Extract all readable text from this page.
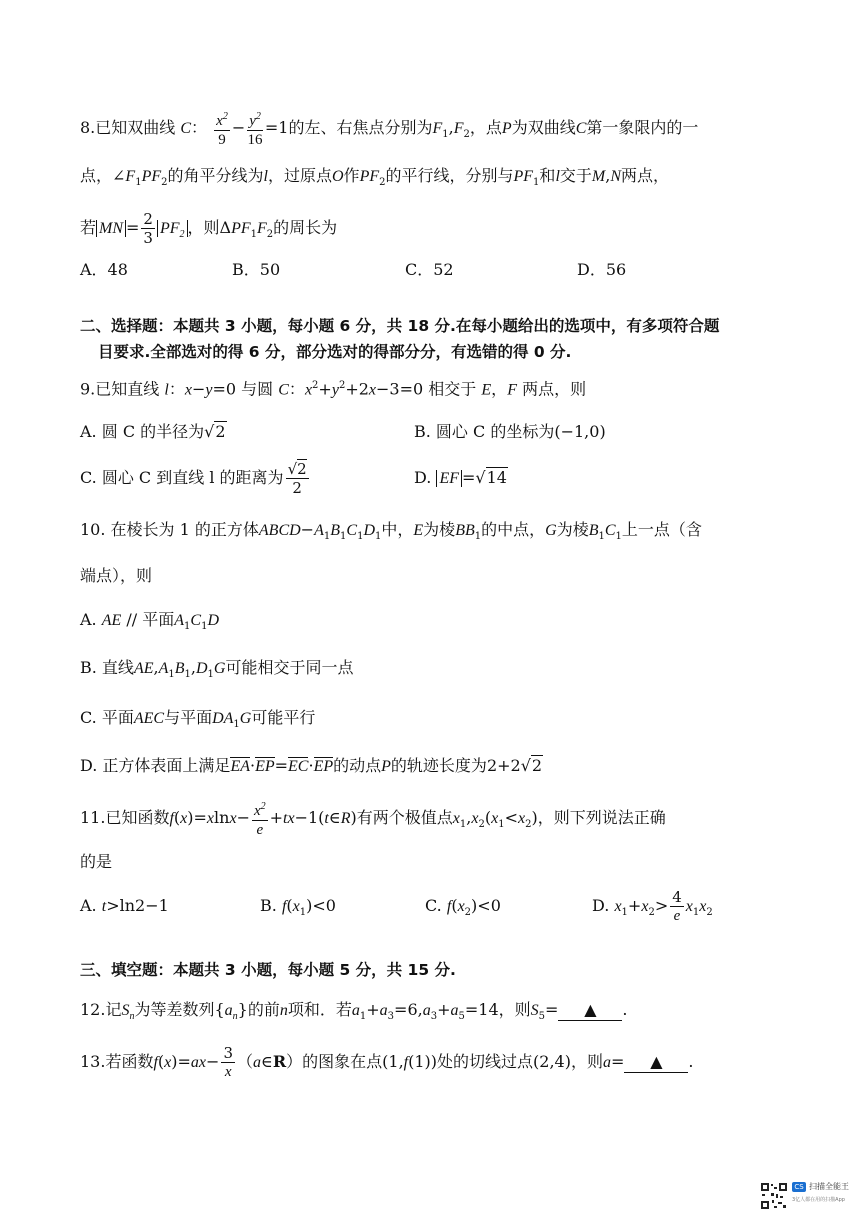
8.已知双曲线 C： $\frac{x^2}{9} - \frac{y^2}{16} =1$的左、右焦点分别为$F_1,F_2$，点P为双曲线C第一象限内的一
点，$\angle F_1PF_2$的角平分线为l，过原点O作$PF_2$的平行线，分别与$PF_1$和l交于M,N两点，
若 MN = $\frac{2}{3} PF_2$ ，则$\Delta PF_1F_2$的周长为
A．48	B．50	C．52	D．56
二、选择题：本题共 3 小题，每小题 6 分，共 18 分.在每小题给出的选项中，有多项符合题
目要求.全部选对的得 6 分，部分选对的得部分分，有选错的得 0 分.
9.已知直线 l：x−y=0 与圆 C：$x^2+y^2+2x-3=0$ 相交于 E，F 两点，则
A. 圆 C 的半径为√2	B. 圆心 C 的坐标为(−1,0)
C. 圆心 C 到直线 l 的距离为 $\frac{√2}{2}$	D. EF =√14
10. 在棱长为 1 的正方体$ABCD-A_1B_1C_1D_1$中，E为棱$BB_1$的中点，G为棱$B_1C_1$上一点（含
端点），则
A. AE // 平面$A_1C_1D$
B. 直线$AE,A_1B_1,D_1G$可能相交于同一点
C. 平面AEC与平面$DA_1G$可能平行
D. 正方体表面上满足EA·EP=EC·EP的动点P的轨迹长度为2+2√2
11.已知函数$f(x)=xlnx- \frac{x^2}{e}$ +tx−1(t∈R)有两个极值点$x_1,x_2(x_1<x_2)$，则下列说法正确
的是
A. t>ln2−1	B. $f(x_1)<0$	C. $f(x_2)<0$	D. $x_1+x_2> \frac{4}{e} x_1x_2$
三、填空题：本题共 3 小题，每小题 5 分，共 15 分.
12.记$S_n$为等差数列$\{a_n\}$的前n项和．若$a_1+a_3=6,a_3+a_5=14$，则$S_5=$ ▲ .
13.若函数$f(x)=ax- \frac{3}{x}$ （a∈R）的图象在点(1,f(1))处的切线过点(2,4)，则a= ▲ .
CS 扫描全能王
3亿人都在用的扫描App
